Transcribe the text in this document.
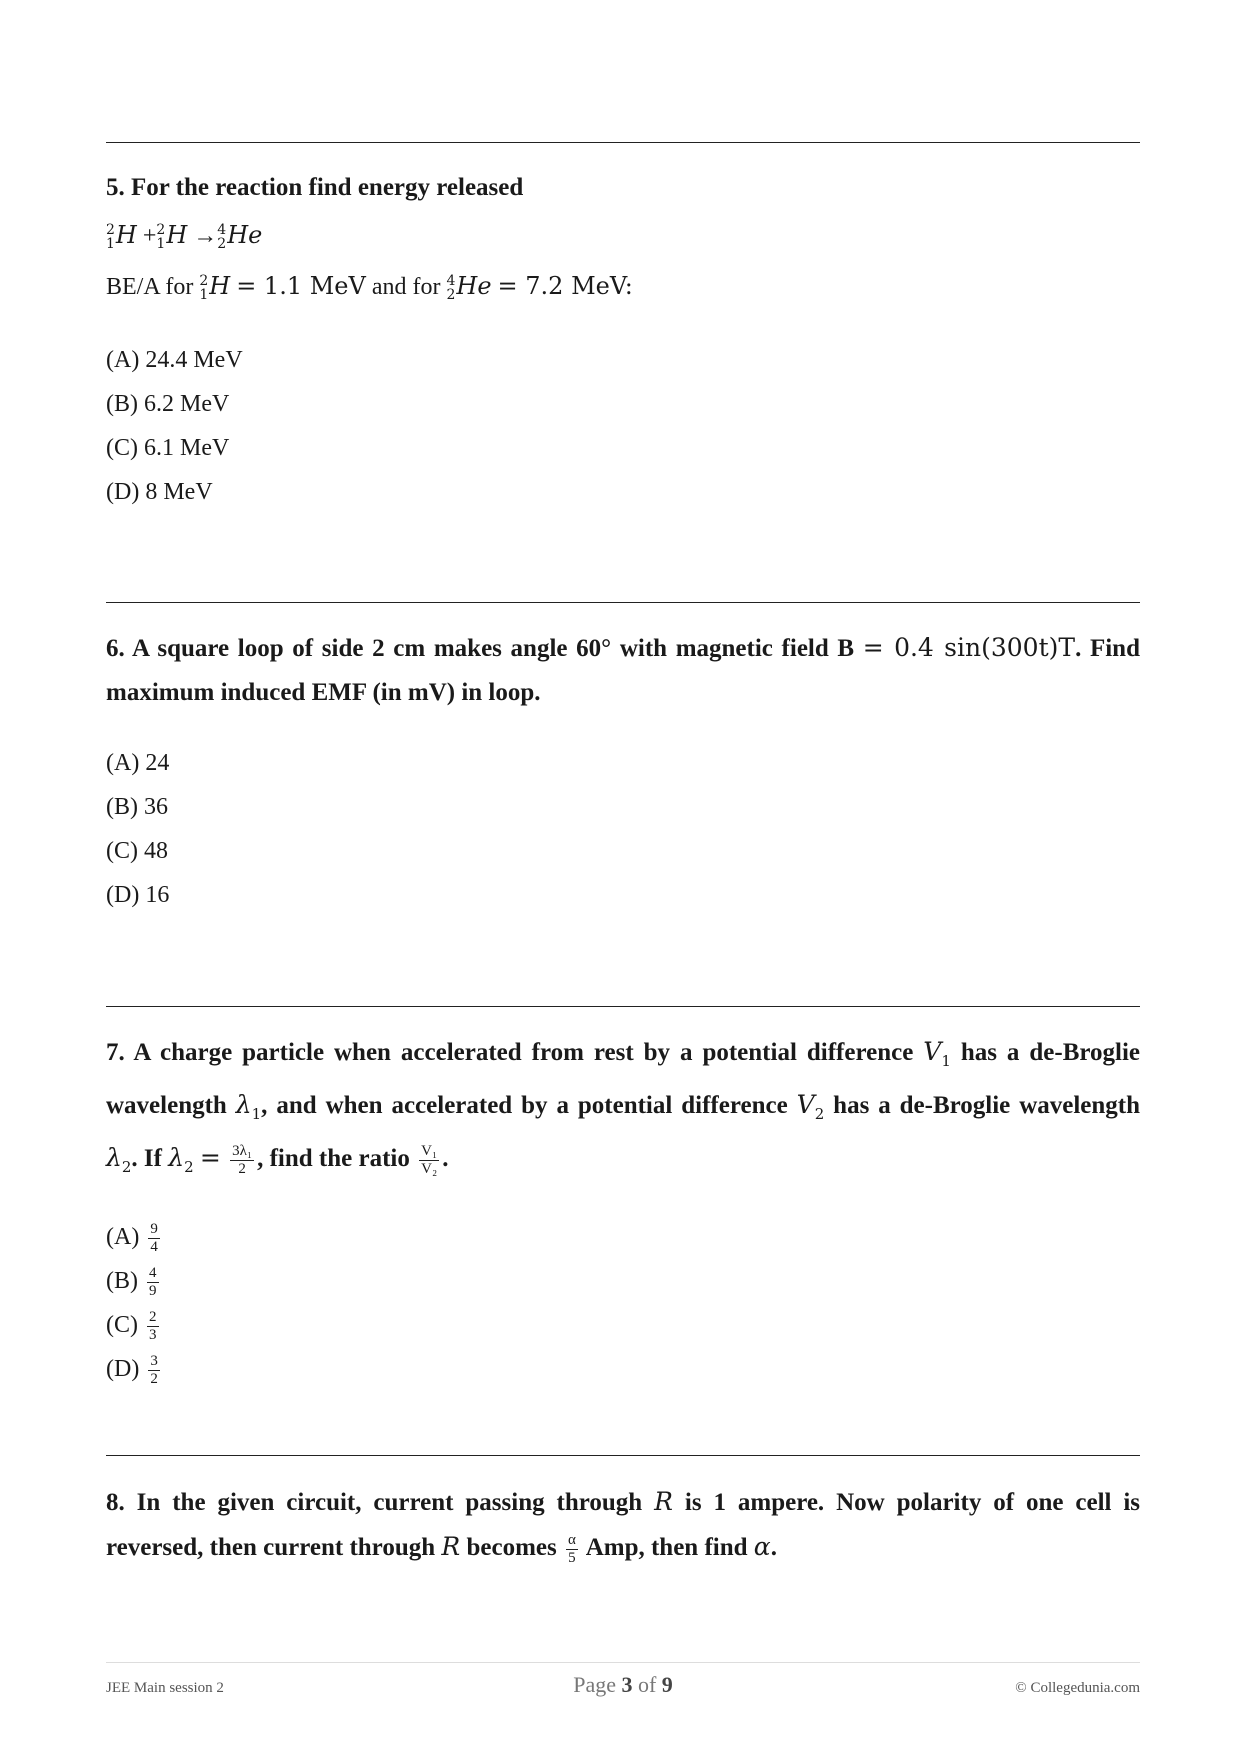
5. For the reaction find energy released

2
1 H + 2
1 H → 4
2 He

BE/A for 2
1 H = 1.1 MeV and for 4
2 He = 7.2 MeV:

(A) 24.4 MeV

(B) 6.2 MeV

(C) 6.1 MeV

(D) 8 MeV

6. A square loop of side 2 cm makes angle 60° with magnetic field B = 0.4 sin(300t)T. Find maximum induced EMF (in mV) in loop.

(A) 24

(B) 36

(C) 48

(D) 16

7. A charge particle when accelerated from rest by a potential difference $V_1$ has a de-Broglie wavelength $\lambda_1$, and when accelerated by a potential difference $V_2$ has a de-Broglie wavelength $\lambda_2$. If $\lambda_2 = \frac{\text{3λ₁}}{2}$ , find the ratio $\frac{\text{V₁}}{\text{V₂}}$ .

$(A) \frac{9}{4}$

$(B) \frac{4}{9}$

$(C) \frac{2}{3}$

$(D) \frac{3}{2}$

8. In the given circuit, current passing through R is 1 ampere. Now polarity of one cell is reversed, then current through R becomes $\frac{\alpha}{5}$ Amp, then find α.

JEE Main session 2	Page 3 of 9	© Collegedunia.com
